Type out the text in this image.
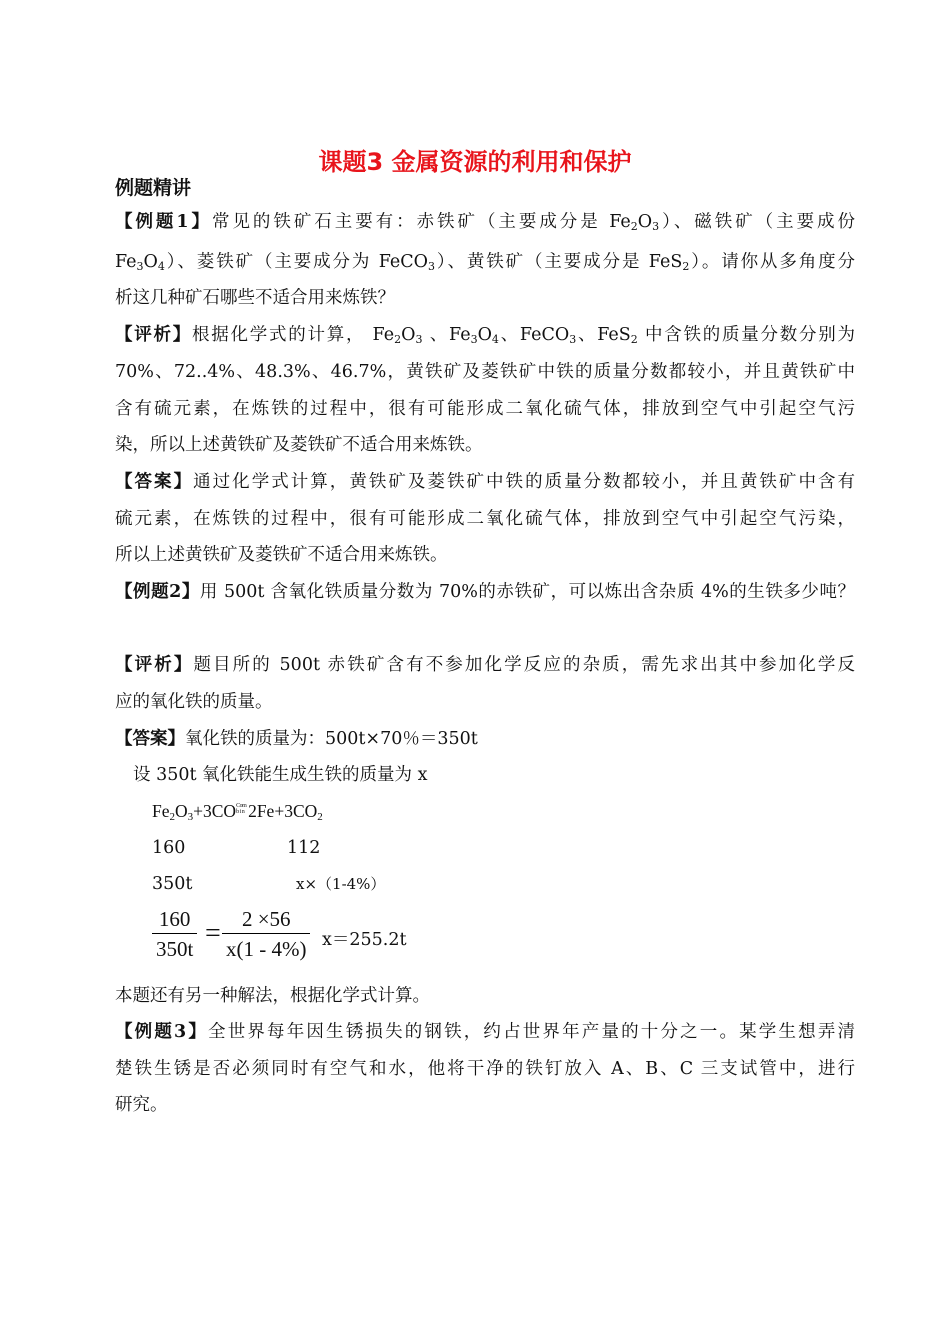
课题3 金属资源的利用和保护
例题精讲
【例题1】常见的铁矿石主要有：赤铁矿（主要成分是 $Fe_2O_3$）、磁铁矿（主要成份
$Fe_3O_4$）、菱铁矿（主要成分为 FeCO$_3$）、黄铁矿（主要成分是 FeS$_2$）。请你从多角度分
析这几种矿石哪些不适合用来炼铁？
【评析】根据化学式的计算， $Fe_2O_3$ 、$Fe_3O_4$、FeCO$_3$、FeS$_2$ 中含铁的质量分数分别为
70%、72..4%、48.3%、46.7%，黄铁矿及菱铁矿中铁的质量分数都较小，并且黄铁矿中
含有硫元素，在炼铁的过程中，很有可能形成二氧化硫气体，排放到空气中引起空气污
染，所以上述黄铁矿及菱铁矿不适合用来炼铁。
【答案】通过化学式计算，黄铁矿及菱铁矿中铁的质量分数都较小，并且黄铁矿中含有
硫元素，在炼铁的过程中，很有可能形成二氧化硫气体，排放到空气中引起空气污染，
所以上述黄铁矿及菱铁矿不适合用来炼铁。
【例题2】用 500t 含氧化铁质量分数为 70%的赤铁矿，可以炼出含杂质 4%的生铁多少吨？
【评析】题目所的 500t 赤铁矿含有不参加化学反应的杂质，需先求出其中参加化学反
应的氧化铁的质量。
【答案】氧化铁的质量为：500t×70％＝350t
设 350t 氧化铁能生成生铁的质量为 x
$Fe_2O_3+3COCom$
b i n $2Fe+3CO_2$
160	112
350t	x×（1-4%）
$\frac{160}{350t} = \frac{2 \times 56}{x(1 - 4\%)} x=255.2t$
本题还有另一种解法，根据化学式计算。
【例题3】全世界每年因生锈损失的钢铁，约占世界年产量的十分之一。某学生想弄清
楚铁生锈是否必须同时有空气和水，他将干净的铁钉放入 A、B、C 三支试管中，进行
研究。
